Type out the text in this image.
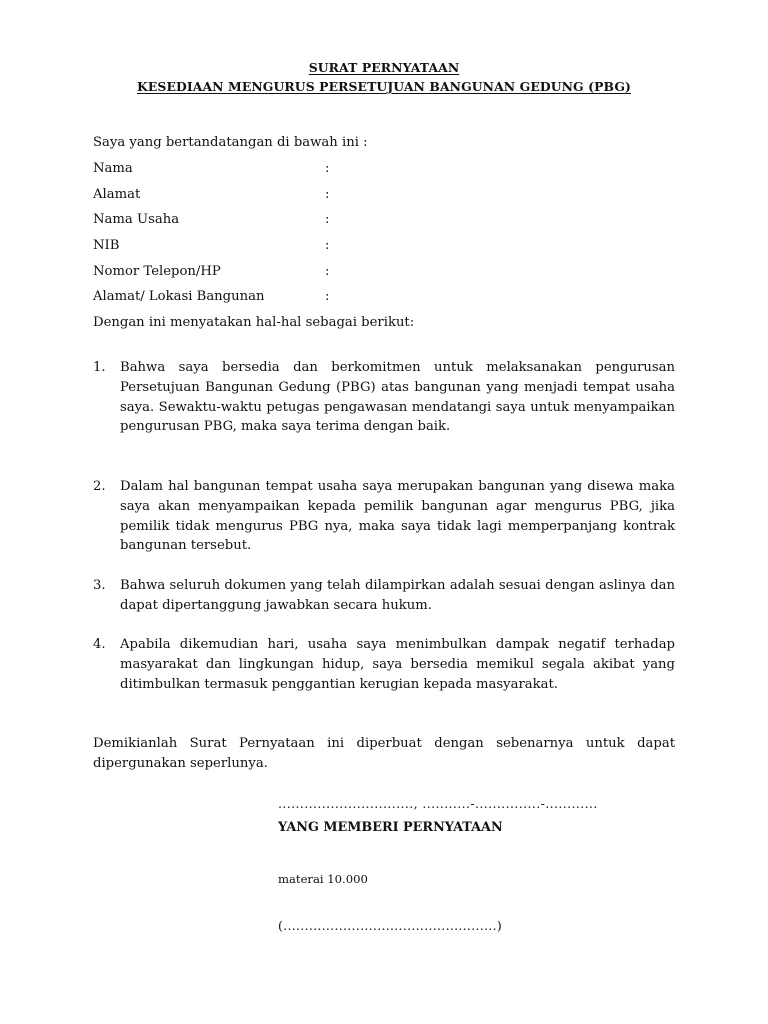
SURAT PERNYATAAN
KESEDIAAN MENGURUS PERSETUJUAN BANGUNAN GEDUNG (PBG)
Saya yang bertandatangan di bawah ini :
Nama	:
Alamat	:
Nama Usaha	:
NIB	:
Nomor Telepon/HP	:
Alamat/ Lokasi Bangunan	:
Dengan ini menyatakan hal-hal sebagai berikut:
1. Bahwa saya bersedia dan berkomitmen untuk melaksanakan pengurusan Persetujuan Bangunan Gedung (PBG) atas bangunan yang menjadi tempat usaha saya. Sewaktu-waktu petugas pengawasan mendatangi saya untuk menyampaikan pengurusan PBG, maka saya terima dengan baik.
2. Dalam hal bangunan tempat usaha saya merupakan bangunan yang disewa maka saya akan menyampaikan kepada pemilik bangunan agar mengurus PBG, jika pemilik tidak mengurus PBG nya, maka saya tidak lagi memperpanjang kontrak bangunan tersebut.
3. Bahwa seluruh dokumen yang telah dilampirkan adalah sesuai dengan aslinya dan dapat dipertanggung jawabkan secara hukum.
4. Apabila dikemudian hari, usaha saya menimbulkan dampak negatif terhadap masyarakat dan lingkungan hidup, saya bersedia memikul segala akibat yang ditimbulkan termasuk penggantian kerugian kepada masyarakat.
Demikianlah Surat Pernyataan ini diperbuat dengan sebenarnya untuk dapat dipergunakan seperlunya.
..............................., ...........-...............-............
YANG MEMBERI PERNYATAAN
materai 10.000
(..................................................)
